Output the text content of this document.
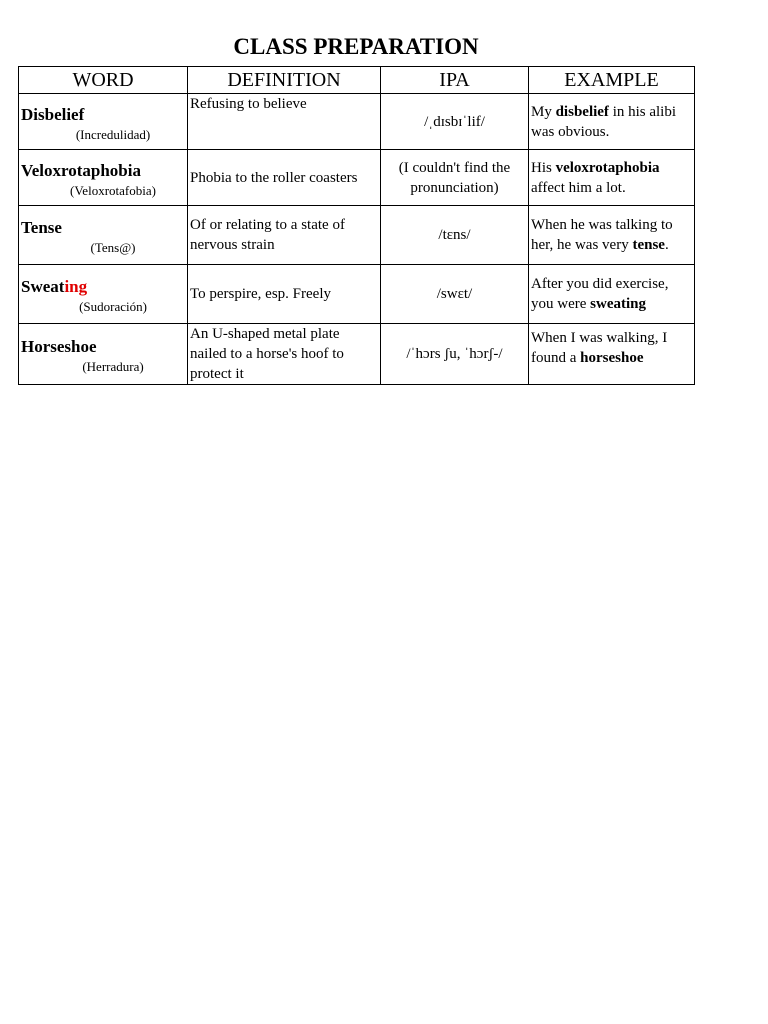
CLASS PREPARATION
WORD	DEFINITION	IPA	EXAMPLE

Disbelief
(Incredulidad)	Refusing to believe	/ˌdɪsbɪˈlif/	My disbelief in his alibi was obvious.

Veloxrotaphobia
(Veloxrotafobia)	Phobia to the roller coasters	(I couldn't find the pronunciation)	His veloxrotaphobia affect him a lot.

Tense
(Tens@)	Of or relating to a state of nervous strain	/tɛns/	When he was talking to her, he was very tense.

Sweating
(Sudoración)	To perspire, esp. Freely	/swɛt/	After you did exercise, you were sweating

Horseshoe
(Herradura)	An U-shaped metal plate nailed to a horse's hoof to protect it	/ˈhɔrs ʃu, ˈhɔrʃ-/	When I was walking, I found a horseshoe
